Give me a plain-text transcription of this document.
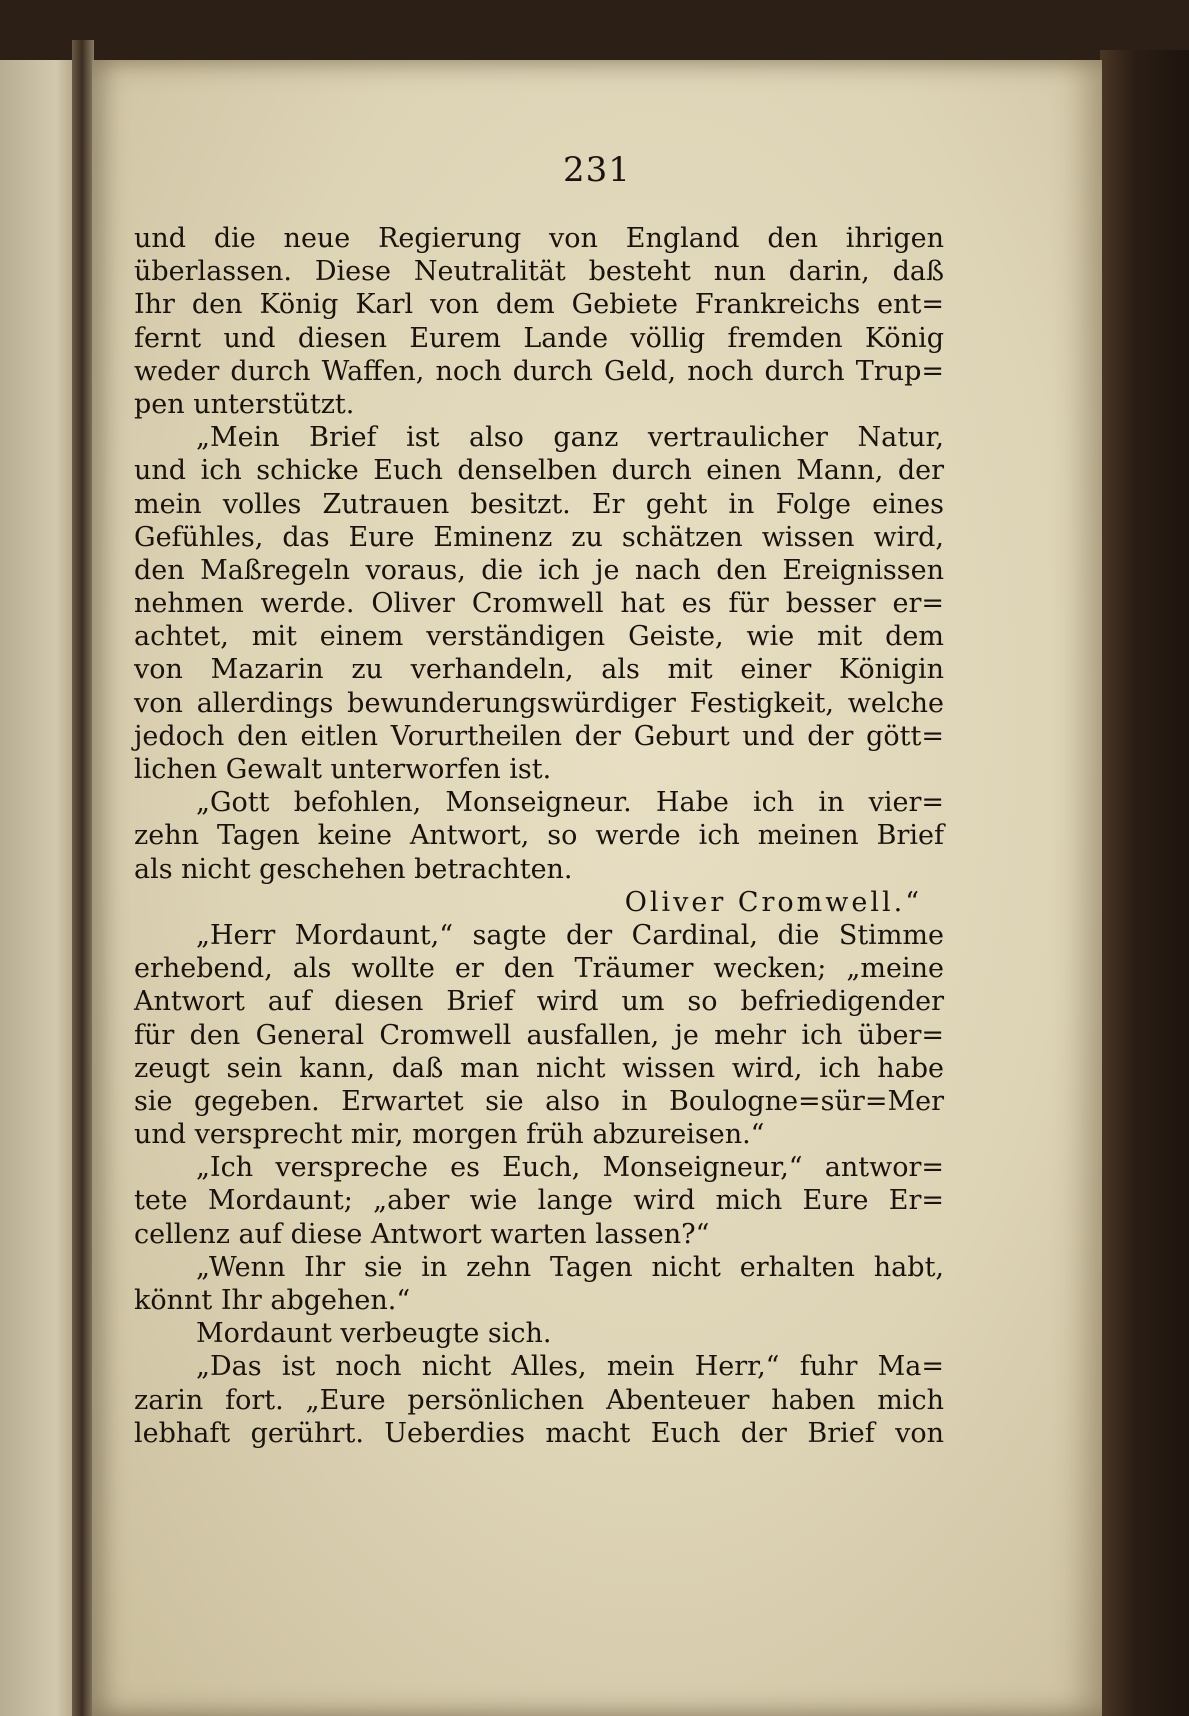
231
und die neue Regierung von England den ihrigen
überlassen. Diese Neutralität besteht nun darin, daß
Ihr den König Karl von dem Gebiete Frankreichs ent=
fernt und diesen Eurem Lande völlig fremden König
weder durch Waffen, noch durch Geld, noch durch Trup=
pen unterstützt.
„Mein Brief ist also ganz vertraulicher Natur,
und ich schicke Euch denselben durch einen Mann, der
mein volles Zutrauen besitzt. Er geht in Folge eines
Gefühles, das Eure Eminenz zu schätzen wissen wird,
den Maßregeln voraus, die ich je nach den Ereignissen
nehmen werde. Oliver Cromwell hat es für besser er=
achtet, mit einem verständigen Geiste, wie mit dem
von Mazarin zu verhandeln, als mit einer Königin
von allerdings bewunderungswürdiger Festigkeit, welche
jedoch den eitlen Vorurtheilen der Geburt und der gött=
lichen Gewalt unterworfen ist.
„Gott befohlen, Monseigneur. Habe ich in vier=
zehn Tagen keine Antwort, so werde ich meinen Brief
als nicht geschehen betrachten.
Oliver Cromwell.“
„Herr Mordaunt,“ sagte der Cardinal, die Stimme
erhebend, als wollte er den Träumer wecken; „meine
Antwort auf diesen Brief wird um so befriedigender
für den General Cromwell ausfallen, je mehr ich über=
zeugt sein kann, daß man nicht wissen wird, ich habe
sie gegeben. Erwartet sie also in Boulogne=sür=Mer
und versprecht mir, morgen früh abzureisen.“
„Ich verspreche es Euch, Monseigneur,“ antwor=
tete Mordaunt; „aber wie lange wird mich Eure Er=
cellenz auf diese Antwort warten lassen?“
„Wenn Ihr sie in zehn Tagen nicht erhalten habt,
könnt Ihr abgehen.“
Mordaunt verbeugte sich.
„Das ist noch nicht Alles, mein Herr,“ fuhr Ma=
zarin fort. „Eure persönlichen Abenteuer haben mich
lebhaft gerührt. Ueberdies macht Euch der Brief von
